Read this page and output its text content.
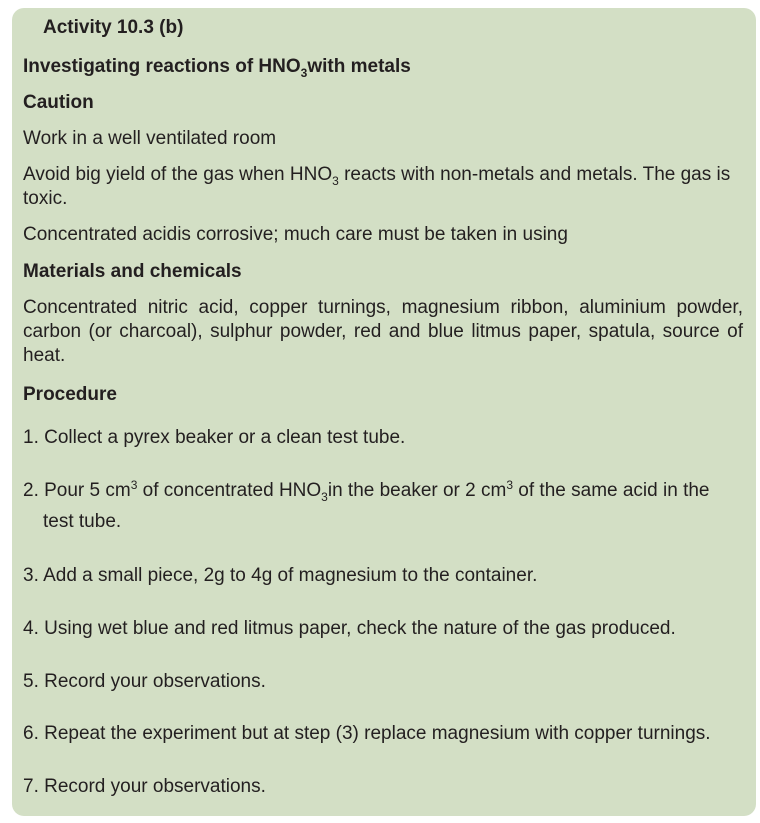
Activity 10.3 (b)
Investigating reactions of $HNO_3with$ metals
Caution
Work in a well ventilated room
Avoid big yield of the gas when $HNO_3$ reacts with non-metals and metals. The gas is toxic.
Concentrated acidis corrosive; much care must be taken in using
Materials and chemicals
Concentrated nitric acid, copper turnings, magnesium ribbon, aluminium powder, carbon (or charcoal), sulphur powder, red and blue litmus paper, spatula, source of heat.
Procedure
1. Collect a pyrex beaker or a clean test tube.
2. Pour 5 $cm^3$ of concentrated $HNO_3in$ the beaker or 2 $cm^3$ of the same acid in the
test tube.
3. Add a small piece, 2g to 4g of magnesium to the container.
4. Using wet blue and red litmus paper, check the nature of the gas produced.
5. Record your observations.
6. Repeat the experiment but at step (3) replace magnesium with copper turnings.
7. Record your observations.
